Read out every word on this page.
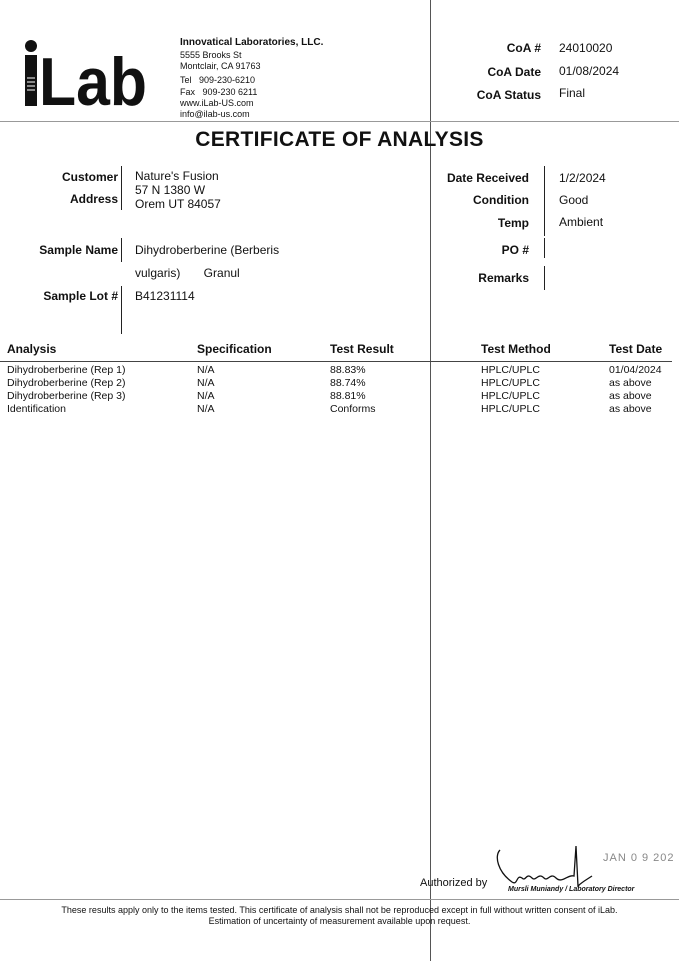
Lab
Innovatical Laboratories, LLC.
5555 Brooks St
Montclair, CA 91763
Tel   909-230-6210
Fax   909-230 6211
www.iLab-US.com
info@ilab-us.com
CoA # 24010020
CoA Date 01/08/2024
CoA Status Final
CERTIFICATE OF ANALYSIS
Customer Nature's Fusion
Address
57 N 1380 W
Orem UT 84057
Sample Name Dihydroberberine (Berberis
vulgaris)       Granul
Sample Lot # B41231114
Date Received	1/2/2024
Condition	Good
Temp	Ambient
PO #
Remarks
Analysis	Specification	Test Result	Test Method	Test Date
Dihydroberberine (Rep 1)	N/A	88.83%	HPLC/UPLC	01/04/2024
Dihydroberberine (Rep 2)	N/A	88.74%	HPLC/UPLC	as above
Dihydroberberine (Rep 3)	N/A	88.81%	HPLC/UPLC	as above
Identification	N/A	Conforms	HPLC/UPLC	as above
JAN 0 9 202
Authorized by
Mursli Muniandy / Laboratory Director
These results apply only to the items tested. This certificate of analysis shall not be reproduced except in full without written consent of iLab.
Estimation of uncertainty of measurement available upon request.
